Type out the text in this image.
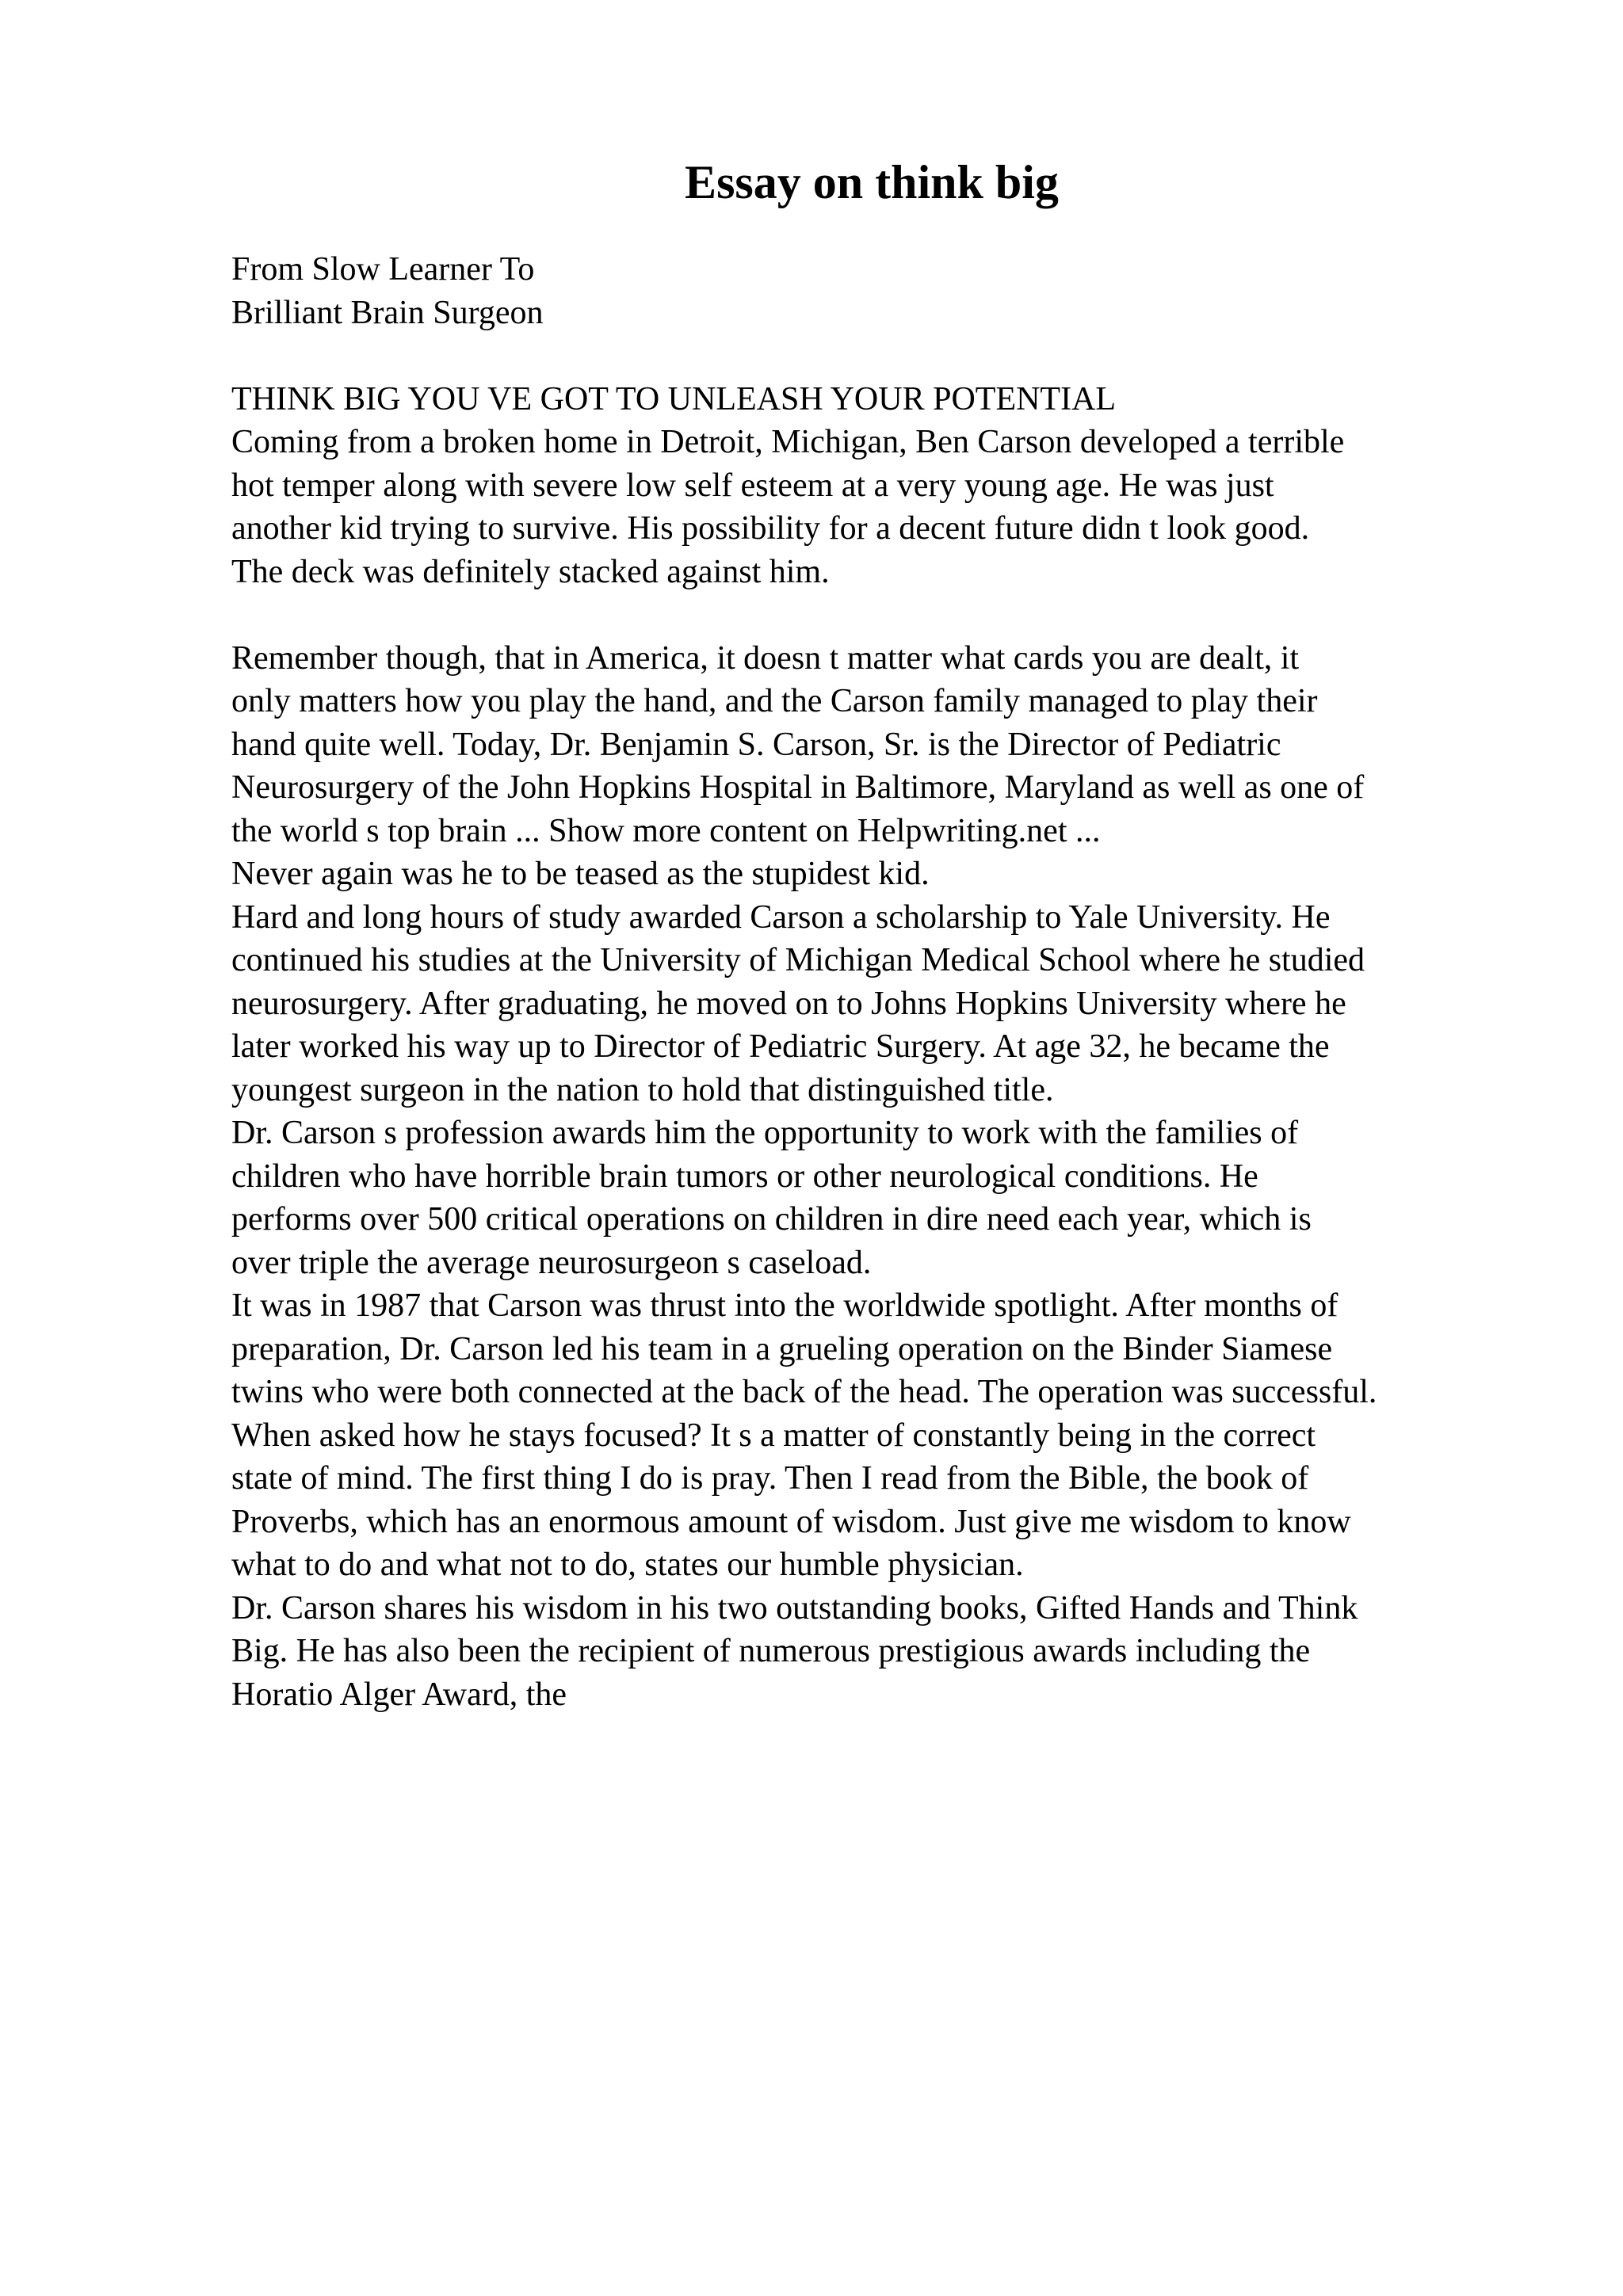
Essay on think big
From Slow Learner To
Brilliant Brain Surgeon
THINK BIG YOU VE GOT TO UNLEASH YOUR POTENTIAL
Coming from a broken home in Detroit, Michigan, Ben Carson developed a terrible
hot temper along with severe low self esteem at a very young age. He was just
another kid trying to survive. His possibility for a decent future didn t look good.
The deck was definitely stacked against him.
Remember though, that in America, it doesn t matter what cards you are dealt, it
only matters how you play the hand, and the Carson family managed to play their
hand quite well. Today, Dr. Benjamin S. Carson, Sr. is the Director of Pediatric
Neurosurgery of the John Hopkins Hospital in Baltimore, Maryland as well as one of
the world s top brain ... Show more content on Helpwriting.net ...
Never again was he to be teased as the stupidest kid.
Hard and long hours of study awarded Carson a scholarship to Yale University. He
continued his studies at the University of Michigan Medical School where he studied
neurosurgery. After graduating, he moved on to Johns Hopkins University where he
later worked his way up to Director of Pediatric Surgery. At age 32, he became the
youngest surgeon in the nation to hold that distinguished title.
Dr. Carson s profession awards him the opportunity to work with the families of
children who have horrible brain tumors or other neurological conditions. He
performs over 500 critical operations on children in dire need each year, which is
over triple the average neurosurgeon s caseload.
It was in 1987 that Carson was thrust into the worldwide spotlight. After months of
preparation, Dr. Carson led his team in a grueling operation on the Binder Siamese
twins who were both connected at the back of the head. The operation was successful.
When asked how he stays focused? It s a matter of constantly being in the correct
state of mind. The first thing I do is pray. Then I read from the Bible, the book of
Proverbs, which has an enormous amount of wisdom. Just give me wisdom to know
what to do and what not to do, states our humble physician.
Dr. Carson shares his wisdom in his two outstanding books, Gifted Hands and Think
Big. He has also been the recipient of numerous prestigious awards including the
Horatio Alger Award, the
